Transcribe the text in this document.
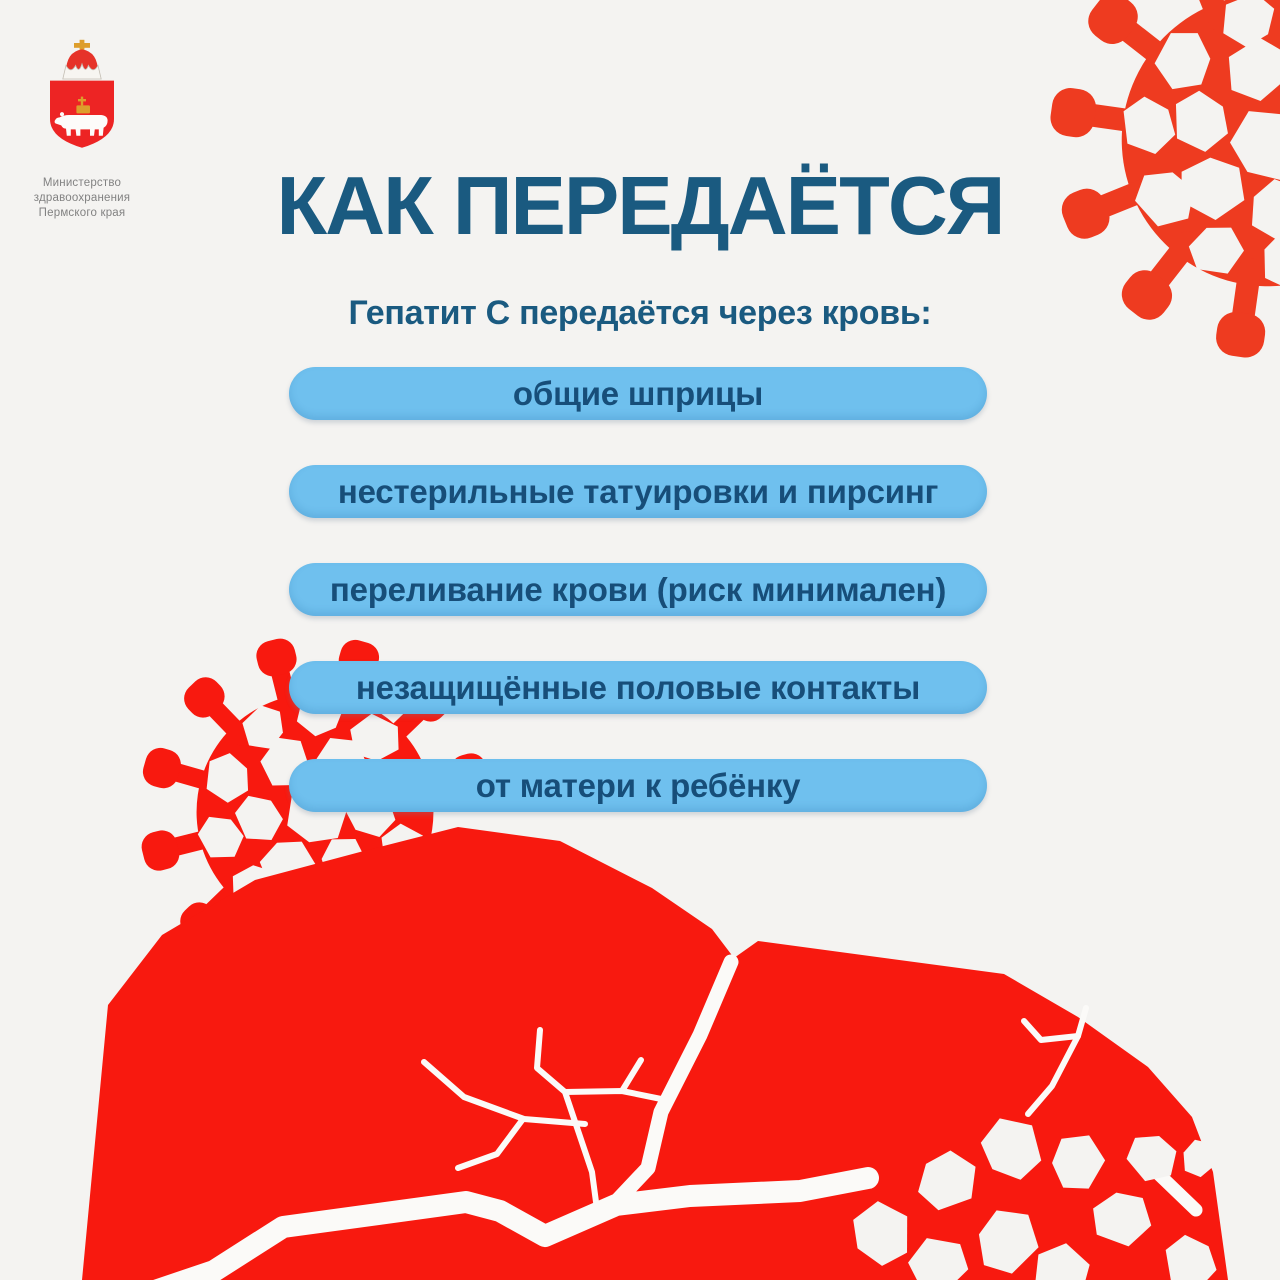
Министерство
здравоохранения
Пермского края	КАК ПЕРЕДАЁТСЯ
Гепатит С передаётся через кровь:
общие шприцы
нестерильные татуировки и пирсинг
переливание крови (риск минимален)
незащищённые половые контакты
от матери к ребёнку
